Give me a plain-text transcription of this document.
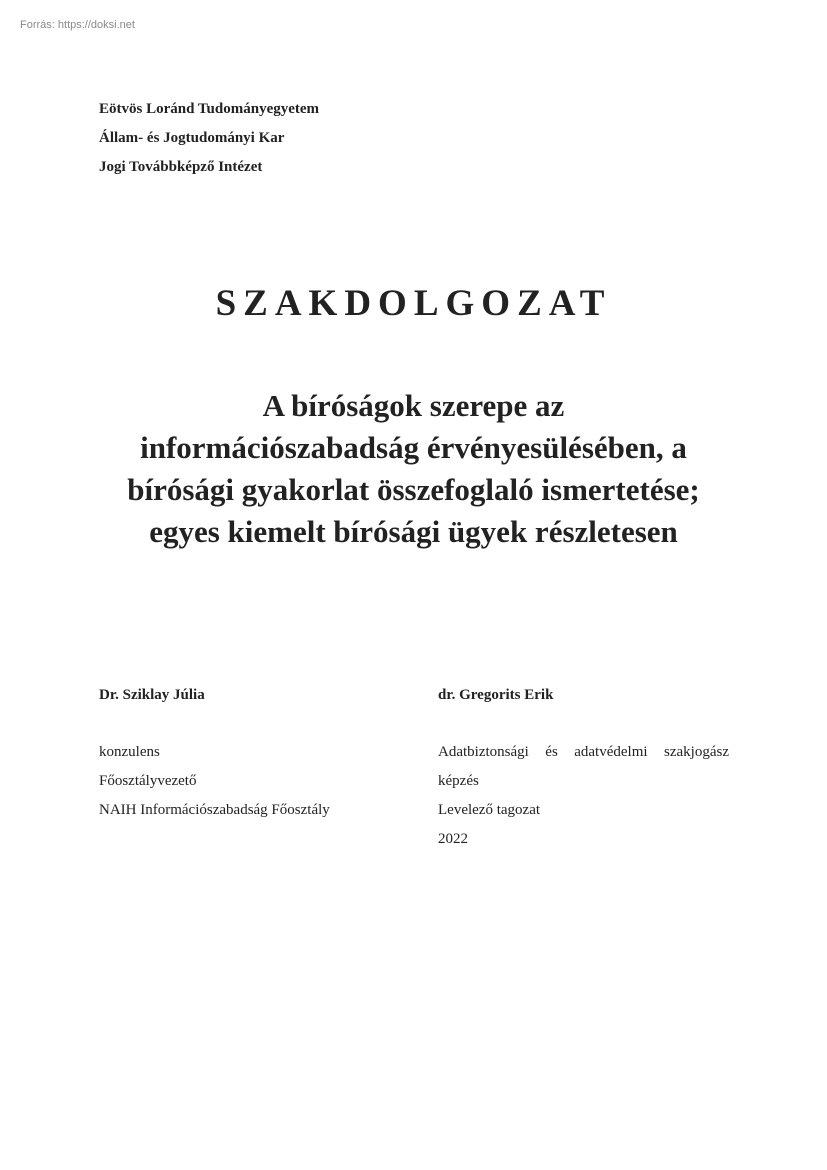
Forrás: https://doksi.net
Eötvös Loránd Tudományegyetem
Állam- és Jogtudományi Kar
Jogi Továbbképző Intézet
SZAKDOLGOZAT
A bíróságok szerepe az
információszabadság érvényesülésében, a
bírósági gyakorlat összefoglaló ismertetése;
egyes kiemelt bírósági ügyek részletesen
Dr. Sziklay Júlia
konzulens
Főosztályvezető
NAIH Információszabadság Főosztály
dr. Gregorits Erik
Adatbiztonsági és adatvédelmi szakjogász
képzés
Levelező tagozat
2022
